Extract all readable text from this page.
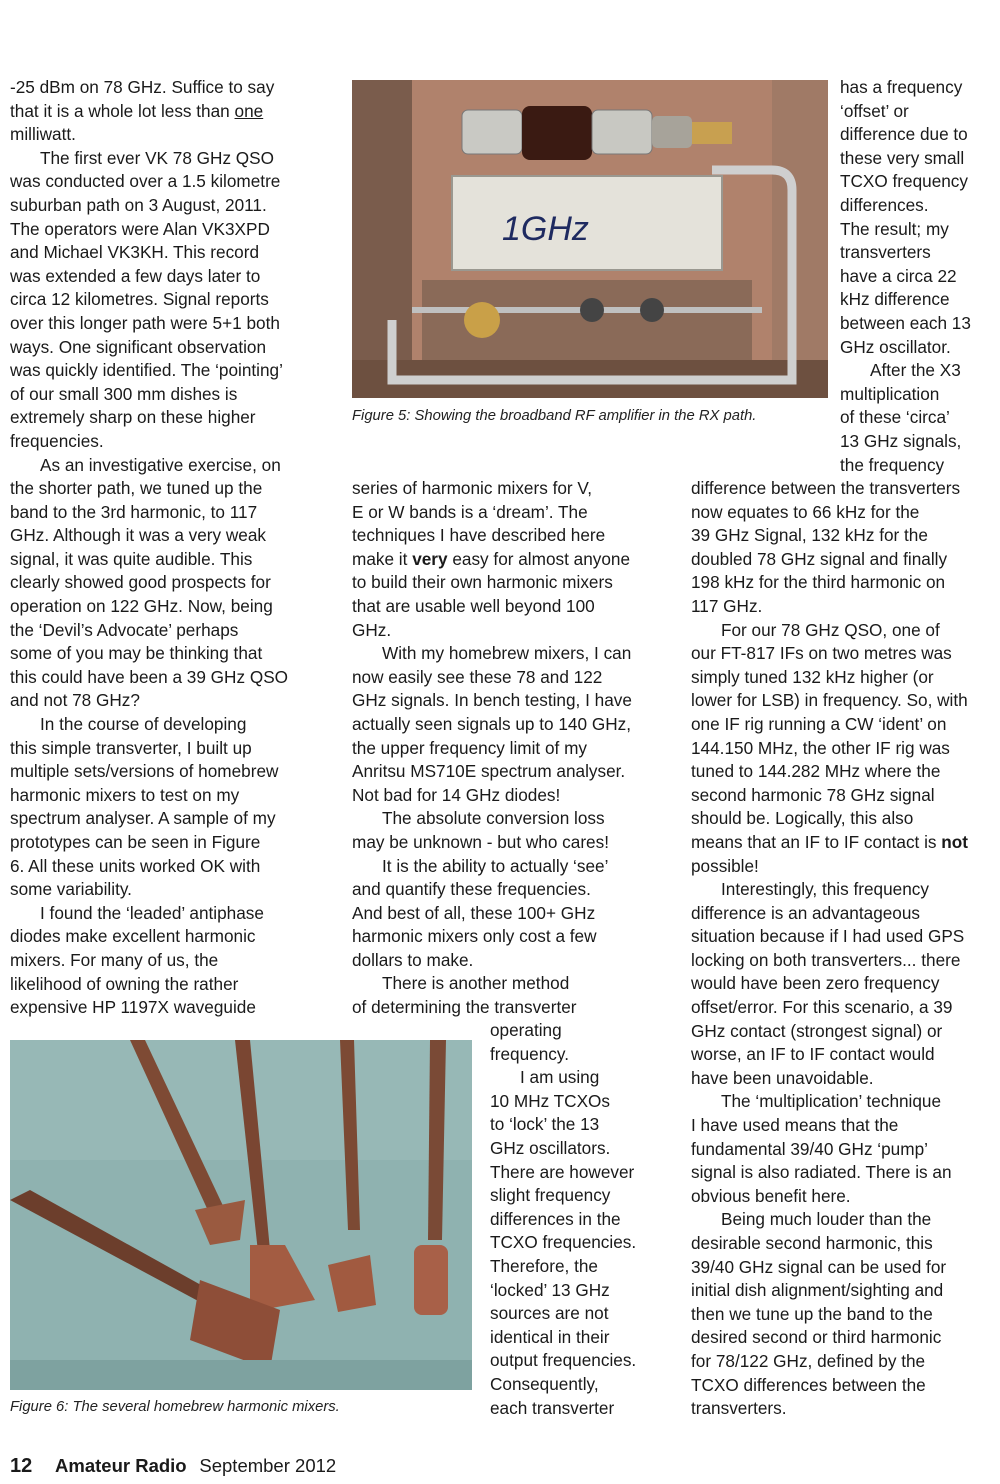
-25 dBm on 78 GHz. Suffice to say
that it is a whole lot less than one
milliwatt.

The first ever VK 78 GHz QSO
was conducted over a 1.5 kilometre
suburban path on 3 August, 2011.
The operators were Alan VK3XPD
and Michael VK3KH. This record
was extended a few days later to
circa 12 kilometres. Signal reports
over this longer path were 5+1 both
ways. One significant observation
was quickly identified. The ‘pointing’
of our small 300 mm dishes is
extremely sharp on these higher
frequencies.

As an investigative exercise, on
the shorter path, we tuned up the
band to the 3rd harmonic, to 117
GHz. Although it was a very weak
signal, it was quite audible. This
clearly showed good prospects for
operation on 122 GHz. Now, being
the ‘Devil’s Advocate’ perhaps
some of you may be thinking that
this could have been a 39 GHz QSO
and not 78 GHz?

In the course of developing
this simple transverter, I built up
multiple sets/versions of homebrew
harmonic mixers to test on my
spectrum analyser. A sample of my
prototypes can be seen in Figure
6. All these units worked OK with
some variability.

I found the ‘leaded’ antiphase
diodes make excellent harmonic
mixers. For many of us, the
likelihood of owning the rather
expensive HP 1197X waveguide

1GHz
Figure 5: Showing the broadband RF amplifier in the RX path.

series of harmonic mixers for V,
E or W bands is a ‘dream’. The
techniques I have described here
make it very easy for almost anyone
to build their own harmonic mixers
that are usable well beyond 100
GHz.

With my homebrew mixers, I can
now easily see these 78 and 122
GHz signals. In bench testing, I have
actually seen signals up to 140 GHz,
the upper frequency limit of my
Anritsu MS710E spectrum analyser.
Not bad for 14 GHz diodes!

The absolute conversion loss
may be unknown - but who cares!

It is the ability to actually ‘see’
and quantify these frequencies.
And best of all, these 100+ GHz
harmonic mixers only cost a few
dollars to make.

There is another method
of determining the transverter

operating
frequency.

I am using
10 MHz TCXOs
to ‘lock’ the 13
GHz oscillators.
There are however
slight frequency
differences in the
TCXO frequencies.
Therefore, the
‘locked’ 13 GHz
sources are not
identical in their
output frequencies.
Consequently,
each transverter

has a frequency
‘offset’ or
difference due to
these very small
TCXO frequency
differences.
The result; my
transverters
have a circa 22
kHz difference
between each 13
GHz oscillator.

After the X3
multiplication
of these ‘circa’
13 GHz signals,
the frequency

difference between the transverters
now equates to 66 kHz for the
39 GHz Signal, 132 kHz for the
doubled 78 GHz signal and finally
198 kHz for the third harmonic on
117 GHz.

For our 78 GHz QSO, one of
our FT-817 IFs on two metres was
simply tuned 132 kHz higher (or
lower for LSB) in frequency. So, with
one IF rig running a CW ‘ident’ on
144.150 MHz, the other IF rig was
tuned to 144.282 MHz where the
second harmonic 78 GHz signal
should be. Logically, this also
means that an IF to IF contact is not
possible!

Interestingly, this frequency
difference is an advantageous
situation because if I had used GPS
locking on both transverters... there
would have been zero frequency
offset/error. For this scenario, a 39
GHz contact (strongest signal) or
worse, an IF to IF contact would
have been unavoidable.

The ‘multiplication’ technique
I have used means that the
fundamental 39/40 GHz ‘pump’
signal is also radiated. There is an
obvious benefit here.

Being much louder than the
desirable second harmonic, this
39/40 GHz signal can be used for
initial dish alignment/sighting and
then we tune up the band to the
desired second or third harmonic
for 78/122 GHz, defined by the
TCXO differences between the
transverters.

Figure 6: The several homebrew harmonic mixers.
12 Amateur Radio September 2012
